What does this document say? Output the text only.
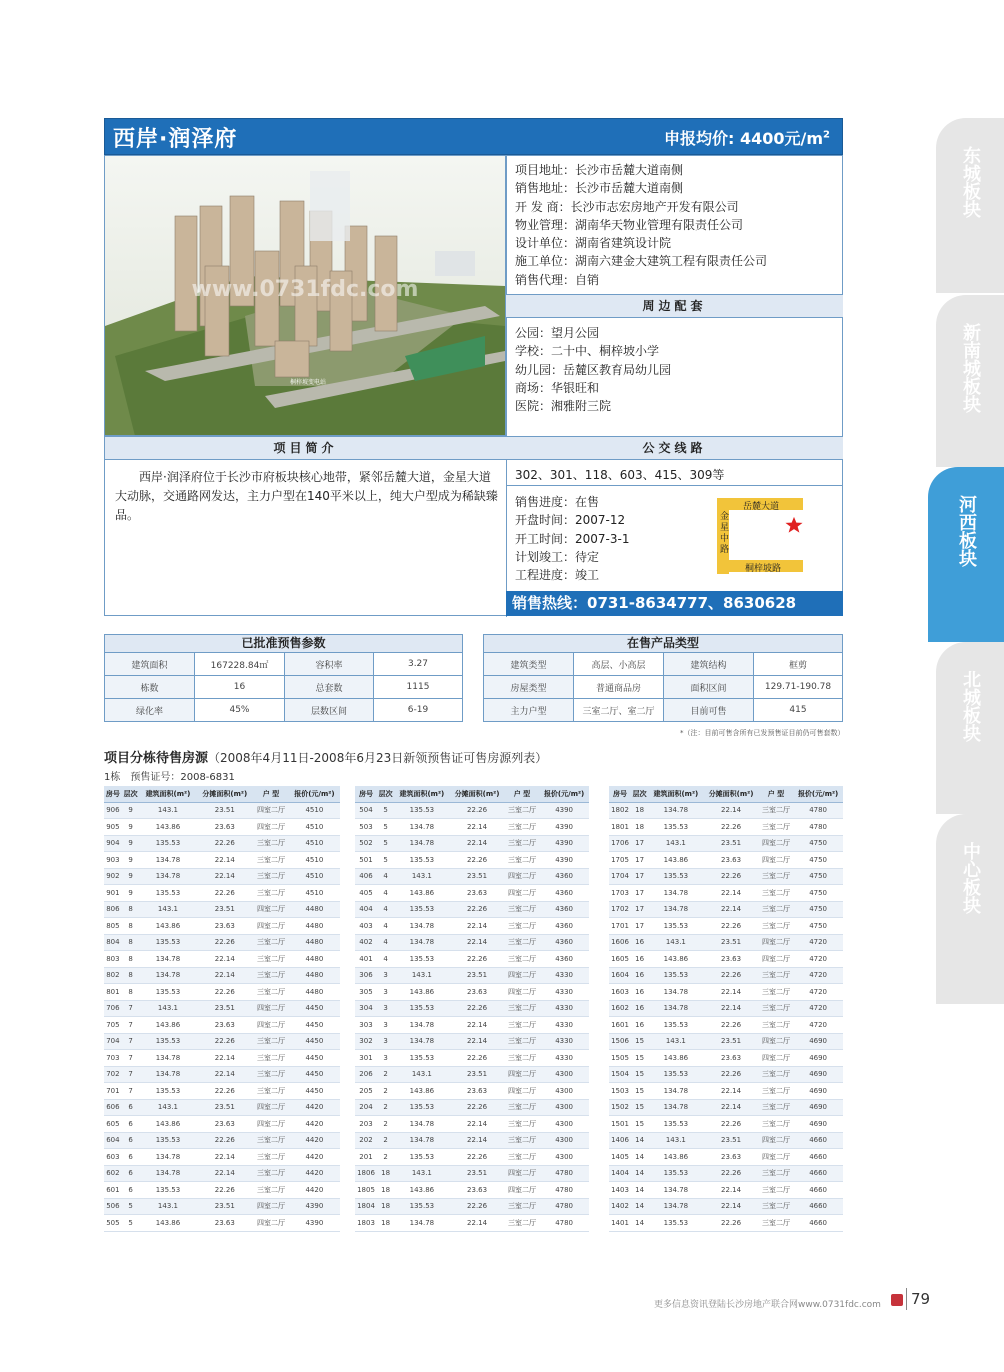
西岸·润泽府	申报均价: 4400元$/m^2$
www.0731fdc.com
桐梓坡变电站
项目地址：长沙市岳麓大道南侧
销售地址：长沙市岳麓大道南侧
开 发 商：长沙市志宏房地产开发有限公司
物业管理：湖南华天物业管理有限责任公司
设计单位：湖南省建筑设计院
施工单位：湖南六建金大建筑工程有限责任公司
销售代理：自销
周边配套
公园：望月公园
学校：二十中、桐梓坡小学
幼儿园：岳麓区教育局幼儿园
商场：华银旺和
医院：湘雅附三院
项目简介	公交线路
西岸·润泽府位于长沙市府板块核心地带，紧邻岳麓大道，金星大道大动脉，交通路网发达，主力户型在140平米以上，纯大户型成为稀缺臻品。
302、301、118、603、415、309等
销售进度：在售
开盘时间：2007-12
开工时间：2007-3-1
计划竣工：待定
工程进度：竣工
岳麓大道
金星中路
桐梓坡路
销售热线：0731-8634777、8630628
已批准预售参数
建筑面积	167228.84㎡	容积率	3.27
栋数	16	总套数	1115
绿化率	45%	层数区间	6-19
在售产品类型
建筑类型	高层、小高层	建筑结构	框剪
房屋类型	普通商品房	面积区间	129.71-190.78
主力户型	三室二厅、室二厅	目前可售	415
*（注：目前可售含所有已发预售证目前仍可售套数）
项目分栋待售房源（2008年4月11日-2008年6月23日新领预售证可售房源列表）
1栋　预售证号：2008-6831
房号	层次	建筑面积(m²)	分摊面积(m²)	户 型	报价(元/m²)
906	9	143.1	23.51	四室二厅	4510
905	9	143.86	23.63	四室二厅	4510
904	9	135.53	22.26	三室二厅	4510
903	9	134.78	22.14	三室二厅	4510
902	9	134.78	22.14	三室二厅	4510
901	9	135.53	22.26	三室二厅	4510
806	8	143.1	23.51	四室二厅	4480
805	8	143.86	23.63	四室二厅	4480
804	8	135.53	22.26	三室二厅	4480
803	8	134.78	22.14	三室二厅	4480
802	8	134.78	22.14	三室二厅	4480
801	8	135.53	22.26	三室二厅	4480
706	7	143.1	23.51	四室二厅	4450
705	7	143.86	23.63	四室二厅	4450
704	7	135.53	22.26	三室二厅	4450
703	7	134.78	22.14	三室二厅	4450
702	7	134.78	22.14	三室二厅	4450
701	7	135.53	22.26	三室二厅	4450
606	6	143.1	23.51	四室二厅	4420
605	6	143.86	23.63	四室二厅	4420
604	6	135.53	22.26	三室二厅	4420
603	6	134.78	22.14	三室二厅	4420
602	6	134.78	22.14	三室二厅	4420
601	6	135.53	22.26	三室二厅	4420
506	5	143.1	23.51	四室二厅	4390
505	5	143.86	23.63	四室二厅	4390
房号	层次	建筑面积(m²)	分摊面积(m²)	户 型	报价(元/m²)
504	5	135.53	22.26	三室二厅	4390
503	5	134.78	22.14	三室二厅	4390
502	5	134.78	22.14	三室二厅	4390
501	5	135.53	22.26	三室二厅	4390
406	4	143.1	23.51	四室二厅	4360
405	4	143.86	23.63	四室二厅	4360
404	4	135.53	22.26	三室二厅	4360
403	4	134.78	22.14	三室二厅	4360
402	4	134.78	22.14	三室二厅	4360
401	4	135.53	22.26	三室二厅	4360
306	3	143.1	23.51	四室二厅	4330
305	3	143.86	23.63	四室二厅	4330
304	3	135.53	22.26	三室二厅	4330
303	3	134.78	22.14	三室二厅	4330
302	3	134.78	22.14	三室二厅	4330
301	3	135.53	22.26	三室二厅	4330
206	2	143.1	23.51	四室二厅	4300
205	2	143.86	23.63	四室二厅	4300
204	2	135.53	22.26	三室二厅	4300
203	2	134.78	22.14	三室二厅	4300
202	2	134.78	22.14	三室二厅	4300
201	2	135.53	22.26	三室二厅	4300
1806	18	143.1	23.51	四室二厅	4780
1805	18	143.86	23.63	四室二厅	4780
1804	18	135.53	22.26	三室二厅	4780
1803	18	134.78	22.14	三室二厅	4780
房号	层次	建筑面积(m²)	分摊面积(m²)	户 型	报价(元/m²)
1802	18	134.78	22.14	三室二厅	4780
1801	18	135.53	22.26	三室二厅	4780
1706	17	143.1	23.51	四室二厅	4750
1705	17	143.86	23.63	四室二厅	4750
1704	17	135.53	22.26	三室二厅	4750
1703	17	134.78	22.14	三室二厅	4750
1702	17	134.78	22.14	三室二厅	4750
1701	17	135.53	22.26	三室二厅	4750
1606	16	143.1	23.51	四室二厅	4720
1605	16	143.86	23.63	四室二厅	4720
1604	16	135.53	22.26	三室二厅	4720
1603	16	134.78	22.14	三室二厅	4720
1602	16	134.78	22.14	三室二厅	4720
1601	16	135.53	22.26	三室二厅	4720
1506	15	143.1	23.51	四室二厅	4690
1505	15	143.86	23.63	四室二厅	4690
1504	15	135.53	22.26	三室二厅	4690
1503	15	134.78	22.14	三室二厅	4690
1502	15	134.78	22.14	三室二厅	4690
1501	15	135.53	22.26	三室二厅	4690
1406	14	143.1	23.51	四室二厅	4660
1405	14	143.86	23.63	四室二厅	4660
1404	14	135.53	22.26	三室二厅	4660
1403	14	134.78	22.14	三室二厅	4660
1402	14	134.78	22.14	三室二厅	4660
1401	14	135.53	22.26	三室二厅	4660
东城板块
新南城板块
河西板块
北城板块
中心板块
更多信息资讯登陆长沙房地产联合网www.0731fdc.com 79
